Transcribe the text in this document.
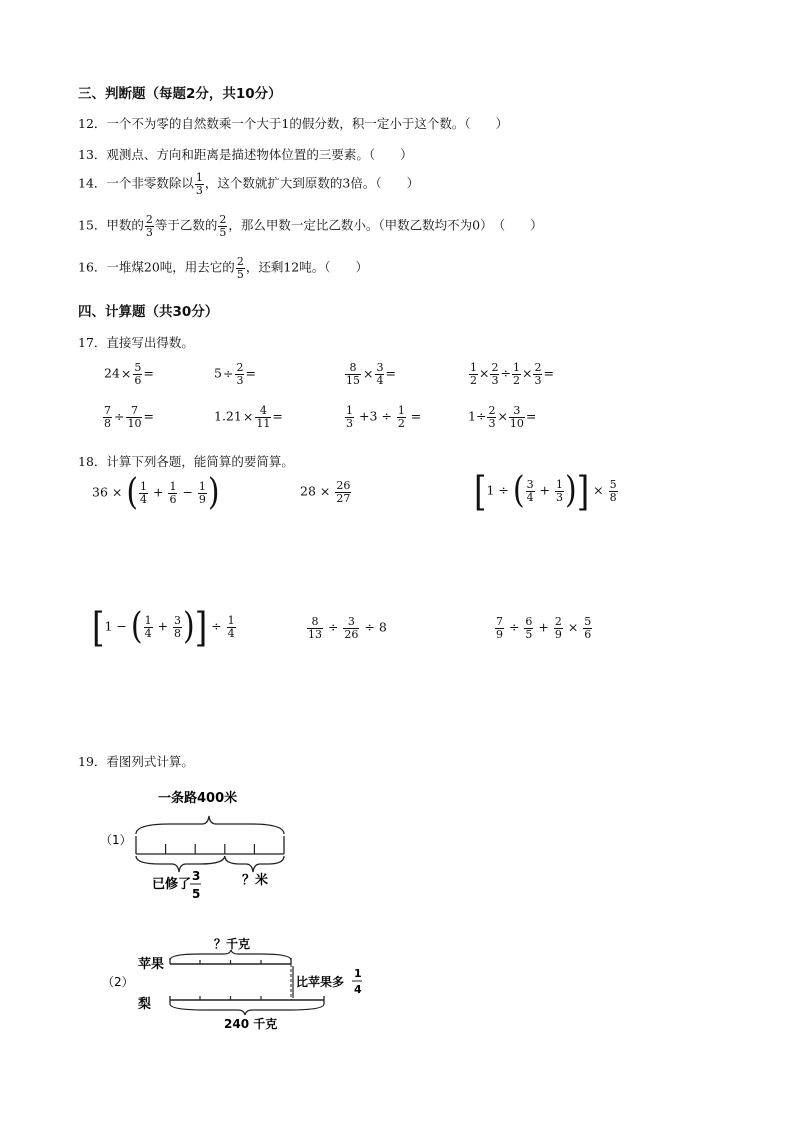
三、判断题（每题2分，共10分）
12．一个不为零的自然数乘一个大于1的假分数，积一定小于这个数。（　　）
13．观测点、方向和距离是描述物体位置的三要素。（　　）
14．一个非零数除以 $\frac{1}{3}$ ，这个数就扩大到原数的3倍。（　　）
15．甲数的 $\frac{2}{3}$ 等于乙数的 $\frac{2}{5}$ ，那么甲数一定比乙数小。（甲数乙数均不为0）　（　　）
16．一堆煤20吨，用去它的 $\frac{2}{5}$ ，还剩12吨。（　　）
四、计算题（共30分）
17．直接写出得数。
$24\times \frac{5}{6}$ =	$5\div \frac{2}{3}$ =	$\frac{8}{15} \times \frac{3}{4}$ =	$\frac{1}{2} \times \frac{2}{3} \div \frac{1}{2} \times \frac{2}{3}$ =
$\frac{7}{8} \div \frac{7}{10}$ =	$1.21\times \frac{4}{11}$ =	$\frac{1}{3} +3 \div \frac{1}{2}$ =	$1\div \frac{2}{3} \times \frac{3}{10}$ =
18．计算下列各题，能简算的要简算。
36 × ( $\frac{1}{4} + \frac{1}{6} - \frac{1}{9}$ )	$28 \times \frac{26}{27}$	[1 ÷ ( $\frac{3}{4} + \frac{1}{3}$ )] × $\frac{5}{8}$
[1 − ( $\frac{1}{4} + \frac{3}{8}$ )] ÷ $\frac{1}{4}$	$\frac{8}{13} \div \frac{3}{26} \div 8$	$\frac{7}{9} \div \frac{6}{5} + \frac{2}{9} \times \frac{5}{6}$
19．看图列式计算。
一条路400米
（1）
已修了
3
5
？米
？千克
苹果
比苹果多
1
4
（2）
梨
240 千克
